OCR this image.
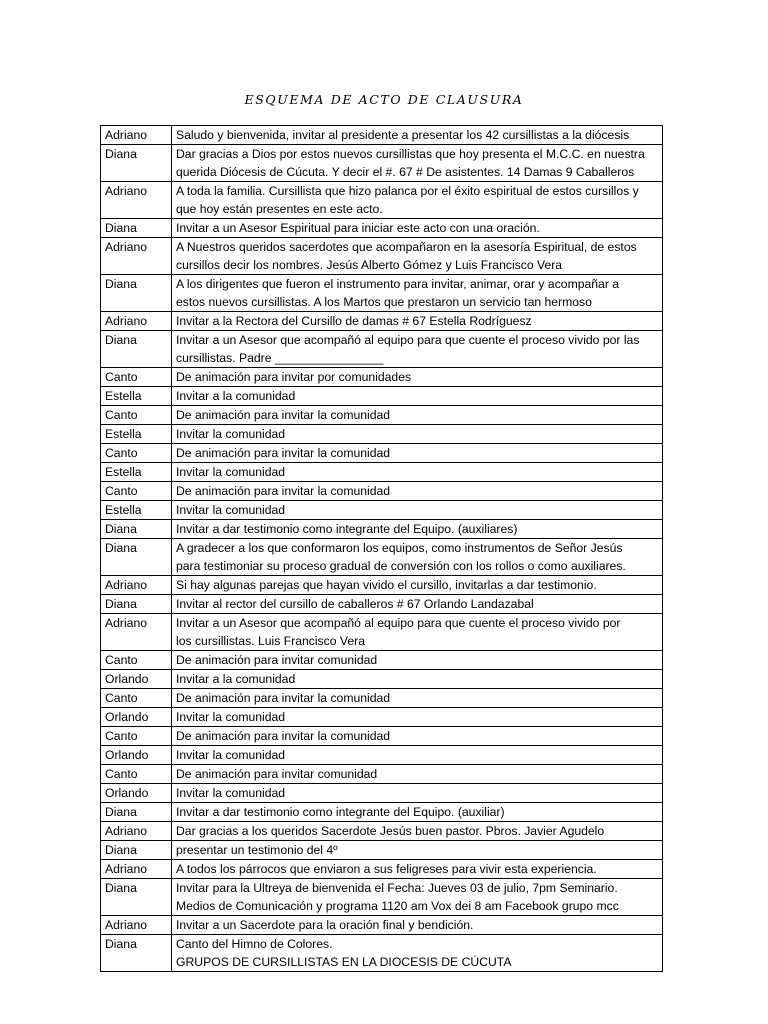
ESQUEMA DE ACTO DE CLAUSURA
Adriano	Saludo y bienvenida, invitar al presidente a presentar los 42 cursillistas a la diócesis

Diana	Dar gracias a Dios por estos nuevos cursillistas que hoy presenta el M.C.C. en nuestra
querida Diócesis de Cúcuta. Y decir el #. 67 # De asistentes. 14 Damas 9 Caballeros

Adriano	A toda la familia. Cursillista que hizo palanca por el éxito espiritual de estos cursillos y
que hoy están presentes en este acto.

Diana	Invitar a un Asesor Espiritual para iniciar este acto con una oración.

Adriano	A Nuestros queridos sacerdotes que acompañaron en la asesoría Espiritual, de estos
cursillos decir los nombres. Jesús Alberto Gómez y Luis Francisco Vera

Diana	A los dirigentes que fueron el instrumento para invitar, animar, orar y acompañar a
estos nuevos cursillistas. A los Martos que prestaron un servicio tan hermoso

Adriano	Invitar a la Rectora del Cursillo de damas # 67 Estella Rodríguesz

Diana	Invitar a un Asesor que acompañó al equipo para que cuente el proceso vivido por las
cursillistas. Padre ________________

Canto	De animación para invitar por comunidades

Estella	Invitar a la comunidad

Canto	De animación para invitar la comunidad

Estella	Invitar la comunidad

Canto	De animación para invitar la comunidad

Estella	Invitar la comunidad

Canto	De animación para invitar la comunidad

Estella	Invitar la comunidad

Diana	Invitar a dar testimonio como integrante del Equipo. (auxiliares)

Diana	A gradecer a los que conformaron los equipos, como instrumentos de Señor Jesús
para testimoniar su proceso gradual de conversión con los rollos o como auxiliares.

Adriano	Si hay algunas parejas que hayan vivido el cursillo, invitarlas a dar testimonio.

Diana	Invitar al rector del cursillo de caballeros # 67 Orlando Landazabal

Adriano	Invitar a un Asesor que acompañó al equipo para que cuente el proceso vivido por
los cursillistas. Luis Francisco Vera

Canto	De animación para invitar comunidad

Orlando	Invitar a la comunidad

Canto	De animación para invitar la comunidad

Orlando	Invitar la comunidad

Canto	De animación para invitar la comunidad

Orlando	Invitar la comunidad

Canto	De animación para invitar comunidad

Orlando	Invitar la comunidad

Diana	Invitar a dar testimonio como integrante del Equipo. (auxiliar)

Adriano	Dar gracias a los queridos Sacerdote Jesús buen pastor. Pbros. Javier Agudelo

Diana	presentar un testimonio del 4º

Adriano	A todos los párrocos que enviaron a sus feligreses para vivir esta experiencia.

Diana	Invitar para la Ultreya de bienvenida el Fecha: Jueves 03 de julio, 7pm Seminario.
Medios de Comunicación y programa 1120 am Vox dei 8 am Facebook grupo mcc

Adriano	Invitar a un Sacerdote para la oración final y bendición.

Diana	Canto del Himno de Colores.
GRUPOS DE CURSILLISTAS EN LA DIOCESIS DE CÚCUTA
